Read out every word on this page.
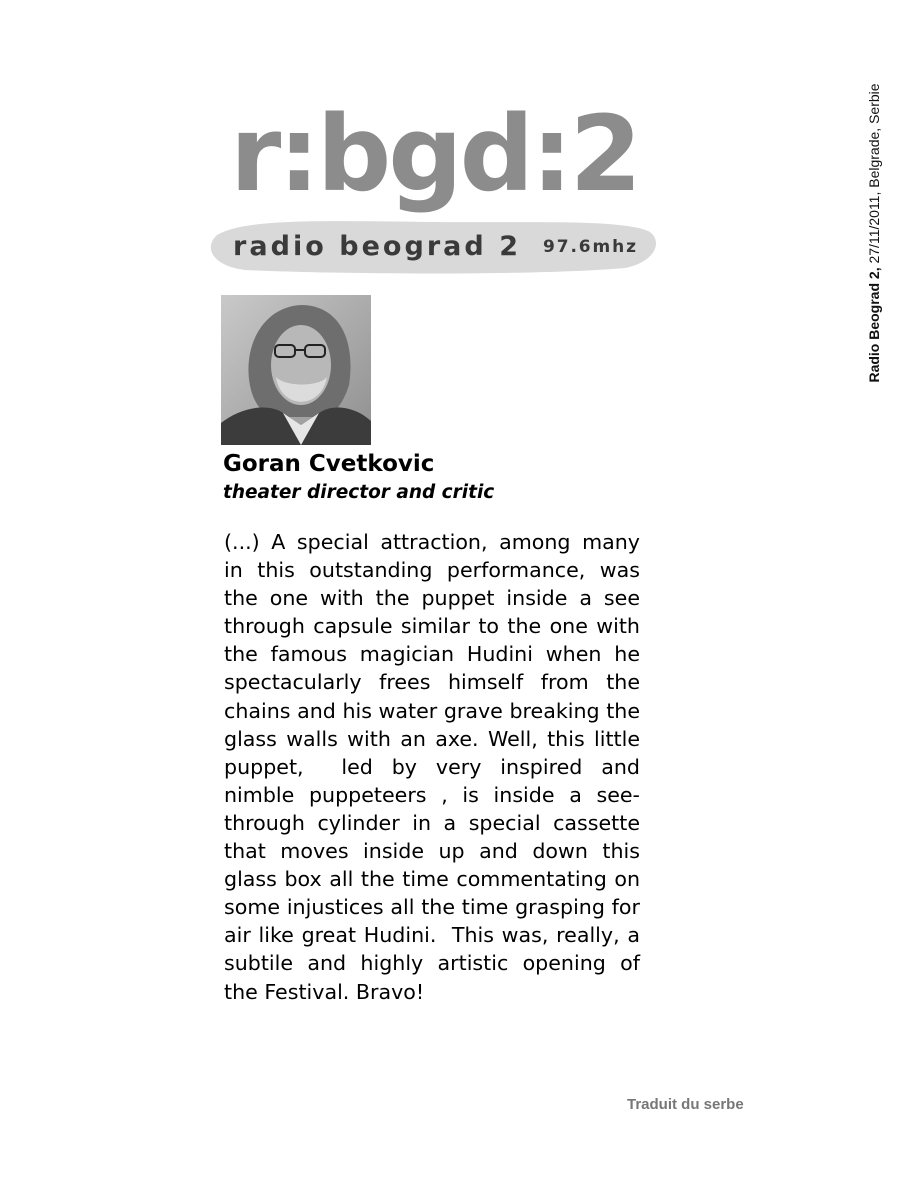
r:bgd:2
radio beograd 2 97.6mhz
Radio Beograd 2, 27/11/2011, Belgrade, Serbie
Goran Cvetkovic
theater director and critic

(...) A special attraction, among many in this outstanding performance, was the one with the puppet inside a see through capsule similar to the one with the famous magician Hudini when he spectacularly frees himself from the chains and his water grave breaking the glass walls with an axe. Well, this little puppet,  led by very inspired and nimble puppeteers , is inside a see-through cylinder in a special cassette that moves inside up and down this glass box all the time commentating on some injustices all the time grasping for air like great Hudini.  This was, really, a subtile and highly artistic opening of the Festival. Bravo!

Traduit du serbe
